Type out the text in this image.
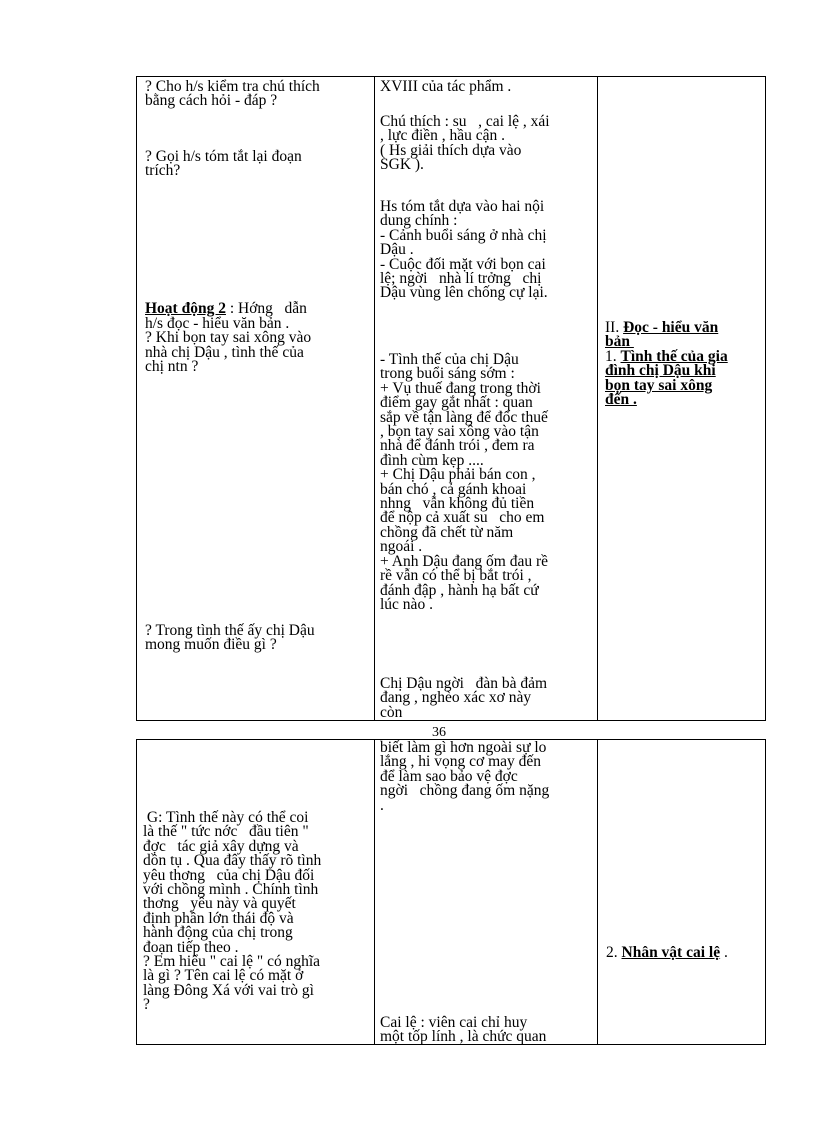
? Cho h/s kiểm tra chú thích
bằng cách hỏi - đáp ?

? Gọi h/s tóm tắt lại đoạn
trích?

Hoạt động 2 : Hớng   dẫn

h/s đọc - hiểu văn bản .
? Khi bọn tay sai xông vào
nhà chị Dậu , tình thế của
chị ntn ?

? Trong tình thế ấy chị Dậu
mong muốn điều gì ?

XVIII của tác phẩm .

Chú thích : su   , cai lệ , xái
, lực điền , hầu cận .
( Hs giải thích dựa vào
SGK ).

Hs tóm tắt dựa vào hai nội
dung chính :
- Cảnh buổi sáng ở nhà chị
Dậu .
- Cuộc đối mặt với bọn cai
lệ; ngời   nhà lí trởng   chị
Dậu vùng lên chống cự lại.

- Tình thế của chị Dậu
trong buổi sáng sớm :
+ Vụ thuế đang trong thời
điểm gay gắt nhất : quan
sắp về tận làng để đốc thuế
, bọn tay sai xông vào tận
nhà để đánh trói , đem ra
đình cùm kẹp ....
+ Chị Dậu phải bán con ,
bán chó , cả gánh khoai
nhng   vẫn không đủ tiền
để nộp cả xuất su   cho em
chồng đã chết từ năm
ngoái .
+ Anh Dậu đang ốm đau rề
rề vẫn có thể bị bắt trói ,
đánh đập , hành hạ bất cứ
lúc nào .

Chị Dậu ngời   đàn bà đảm
đang , nghèo xác xơ này
còn

II. Đọc - hiểu văn
bản

1. Tình thế của gia
đình chị Dậu khi
bọn tay sai xông
đến .

36

G: Tình thế này có thể coi
là thế " tức nớc   đầu tiên "
đợc   tác giả xây dựng và
dồn tụ . Qua đây thấy rõ tình
yêu thơng   của chị Dậu đối
với chồng mình . Chính tình
thơng   yêu này và quyết
định phần lớn thái độ và
hành động của chị trong
đoạn tiếp theo .
? Em hiểu " cai lệ " có nghĩa
là gì ? Tên cai lệ có mặt ở
làng Đông Xá với vai trò gì
?

biết làm gì hơn ngoài sự lo
lắng , hi vọng cơ may đến
để làm sao bảo vệ đợc
ngời   chồng đang ốm nặng
.

Cai lệ : viên cai chỉ huy
một tốp lính , là chức quan

2. Nhân vật cai lệ .
